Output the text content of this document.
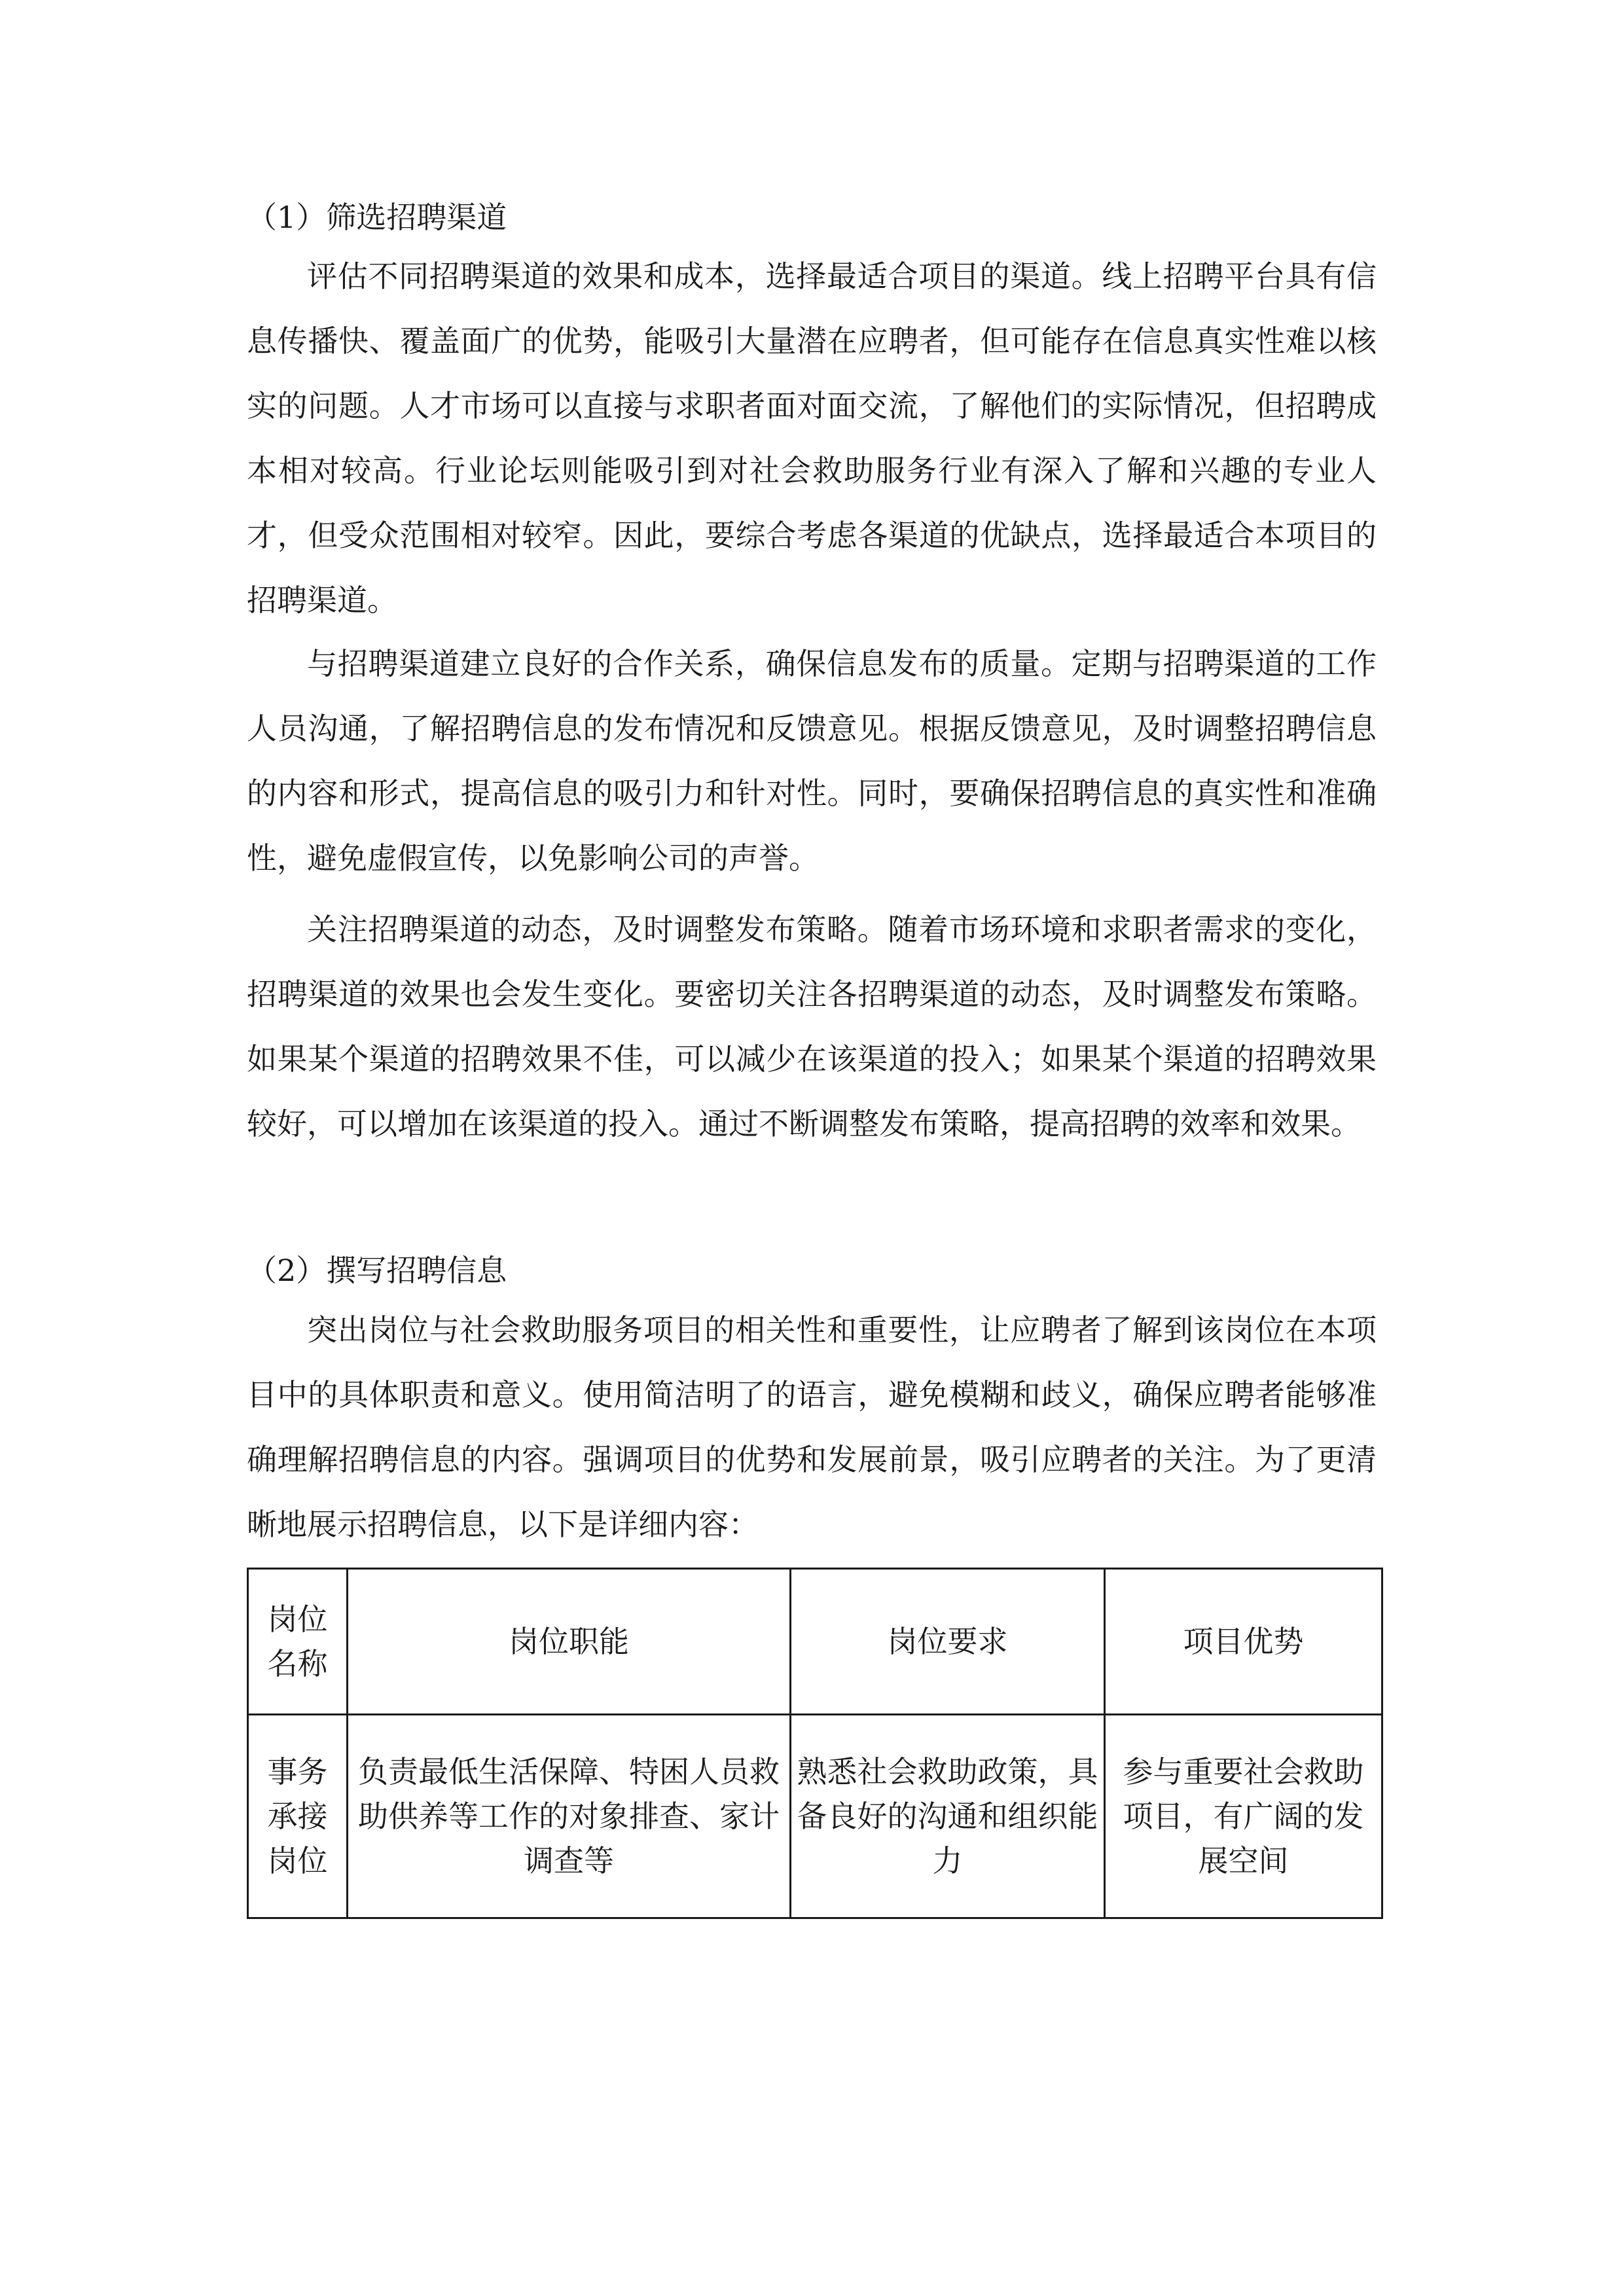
（1）筛选招聘渠道

评估不同招聘渠道的效果和成本，选择最适合项目的渠道。线上招聘平台具有信息传播快、覆盖面广的优势，能吸引大量潜在应聘者，但可能存在信息真实性难以核实的问题。人才市场可以直接与求职者面对面交流，了解他们的实际情况，但招聘成本相对较高。行业论坛则能吸引到对社会救助服务行业有深入了解和兴趣的专业人才，但受众范围相对较窄。因此，要综合考虑各渠道的优缺点，选择最适合本项目的招聘渠道。

与招聘渠道建立良好的合作关系，确保信息发布的质量。定期与招聘渠道的工作人员沟通，了解招聘信息的发布情况和反馈意见。根据反馈意见，及时调整招聘信息的内容和形式，提高信息的吸引力和针对性。同时，要确保招聘信息的真实性和准确性，避免虚假宣传，以免影响公司的声誉。

关注招聘渠道的动态，及时调整发布策略。随着市场环境和求职者需求的变化，招聘渠道的效果也会发生变化。要密切关注各招聘渠道的动态，及时调整发布策略。如果某个渠道的招聘效果不佳，可以减少在该渠道的投入；如果某个渠道的招聘效果较好，可以增加在该渠道的投入。通过不断调整发布策略，提高招聘的效率和效果。

（2）撰写招聘信息

突出岗位与社会救助服务项目的相关性和重要性，让应聘者了解到该岗位在本项目中的具体职责和意义。使用简洁明了的语言，避免模糊和歧义，确保应聘者能够准确理解招聘信息的内容。强调项目的优势和发展前景，吸引应聘者的关注。为了更清晰地展示招聘信息，以下是详细内容：

岗位名称	岗位职能	岗位要求	项目优势
事务承接岗位	负责最低生活保障、特困人员救助供养等工作的对象排查、家计调查等	熟悉社会救助政策，具备良好的沟通和组织能力	参与重要社会救助项目，有广阔的发展空间
